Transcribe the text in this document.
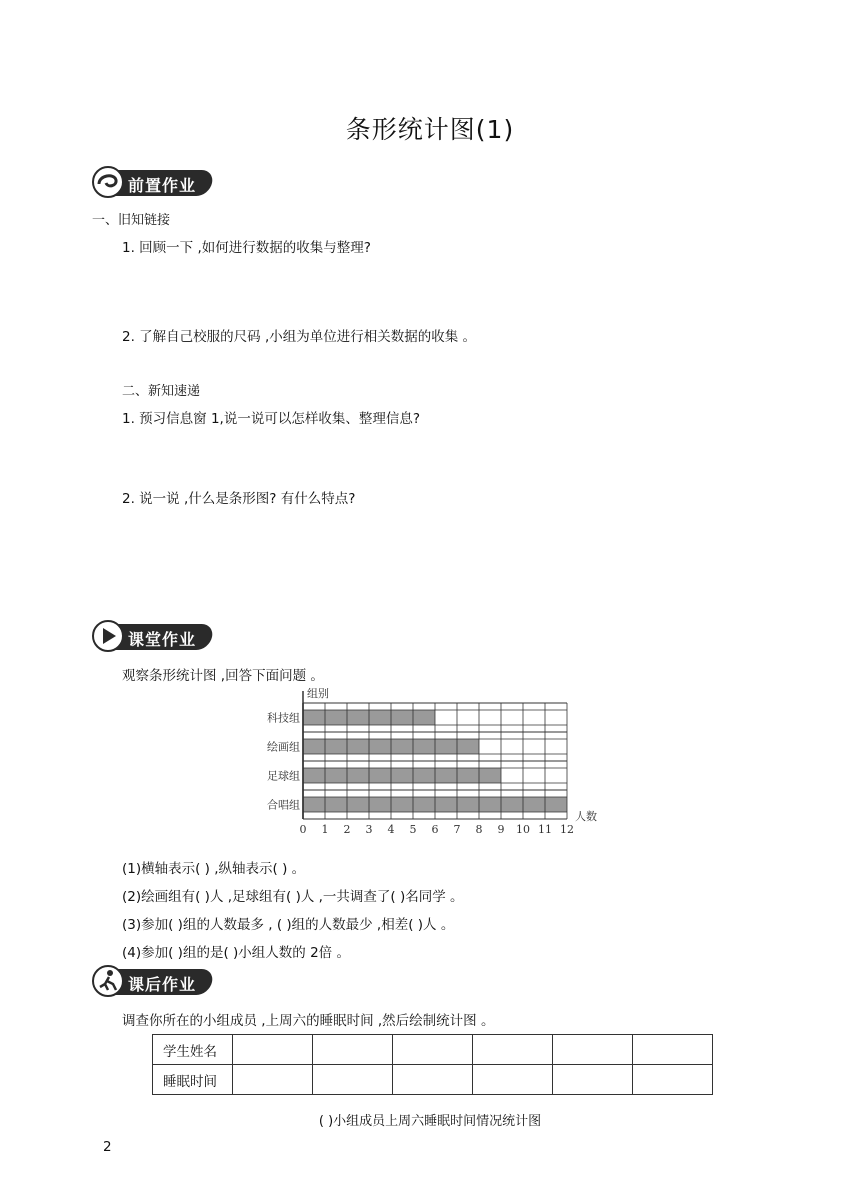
条形统计图(1)
前置作业
一、旧知链接
1. 回顾一下 ,如何进行数据的收集与整理?
2. 了解自己校服的尺码 ,小组为单位进行相关数据的收集 。
二、新知速递
1. 预习信息窗 1,说一说可以怎样收集、整理信息?
2. 说一说 ,什么是条形图? 有什么特点?
课堂作业
观察条形统计图 ,回答下面问题 。
科技组
绘画组
足球组
合唱组
0 1 2 3 4 5 6 7 8 9 10 11 12
组别
人数
(1)横轴表示( ) ,纵轴表示( ) 。
(2)绘画组有( )人 ,足球组有( )人 ,一共调查了( )名同学 。
(3)参加( )组的人数最多 , ( )组的人数最少 ,相差( )人 。
(4)参加( )组的是( )小组人数的 2倍 。
课后作业
调查你所在的小组成员 ,上周六的睡眠时间 ,然后绘制统计图 。
学生姓名						
睡眠时间						
( )小组成员上周六睡眠时间情况统计图
2
